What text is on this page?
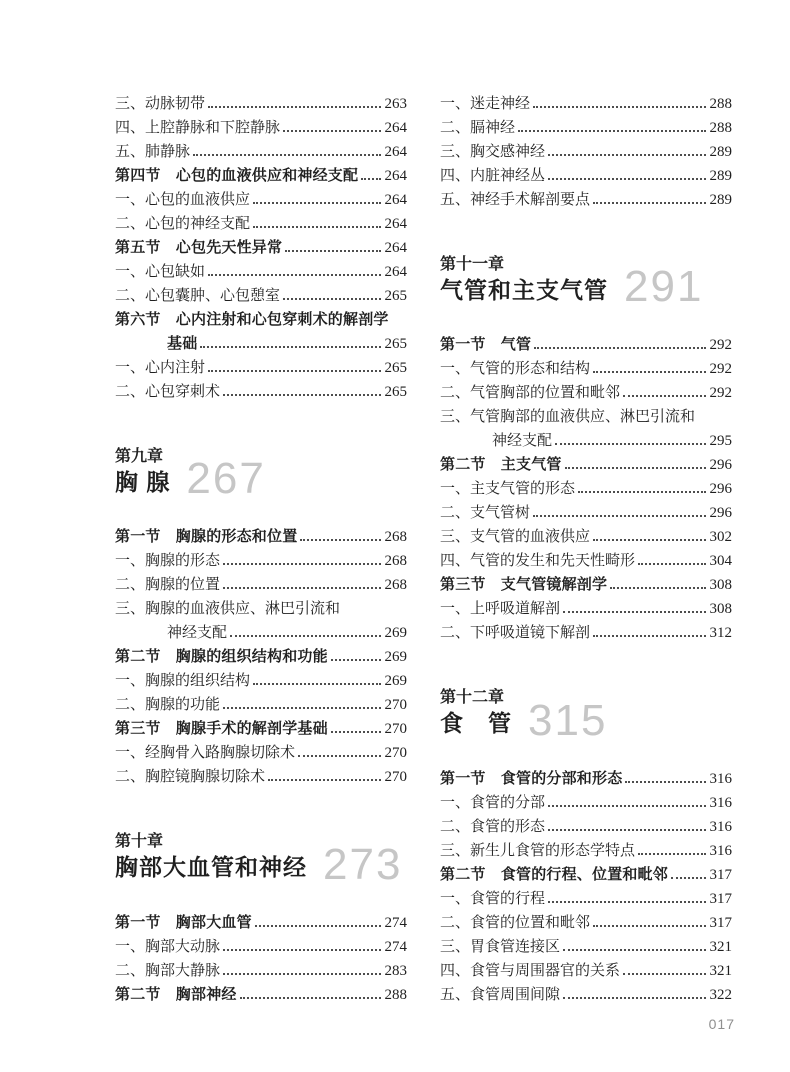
三、动脉韧带	263
四、上腔静脉和下腔静脉	264
五、肺静脉	264
第四节　心包的血液供应和神经支配 264
一、心包的血液供应	264
二、心包的神经支配	264
第五节　心包先天性异常	264
一、心包缺如	264
二、心包囊肿、心包憩室	265
第六节　心内注射和心包穿刺术的解剖学
基础	265
一、心内注射	265
二、心包穿刺术	265
第九章
胸 腺 267
第一节　胸腺的形态和位置	268
一、胸腺的形态	268
二、胸腺的位置	268
三、胸腺的血液供应、淋巴引流和
神经支配	269
第二节　胸腺的组织结构和功能	269
一、胸腺的组织结构	269
二、胸腺的功能	270
第三节　胸腺手术的解剖学基础	270
一、经胸骨入路胸腺切除术	270
二、胸腔镜胸腺切除术	270
第十章
胸部大血管和神经 273
第一节　胸部大血管	274
一、胸部大动脉	274
二、胸部大静脉	283
第二节　胸部神经	288
一、迷走神经	288
二、膈神经	288
三、胸交感神经	289
四、内脏神经丛	289
五、神经手术解剖要点	289
第十一章
气管和主支气管 291
第一节　气管	292
一、气管的形态和结构	292
二、气管胸部的位置和毗邻	292
三、气管胸部的血液供应、淋巴引流和
神经支配	295
第二节　主支气管	296
一、主支气管的形态	296
二、支气管树	296
三、支气管的血液供应	302
四、气管的发生和先天性畸形	304
第三节　支气管镜解剖学	308
一、上呼吸道解剖	308
二、下呼吸道镜下解剖	312
第十二章
食　管 315
第一节　食管的分部和形态	316
一、食管的分部	316
二、食管的形态	316
三、新生儿食管的形态学特点	316
第二节　食管的行程、位置和毗邻	317
一、食管的行程	317
二、食管的位置和毗邻	317
三、胃食管连接区	321
四、食管与周围器官的关系	321
五、食管周围间隙	322
017
